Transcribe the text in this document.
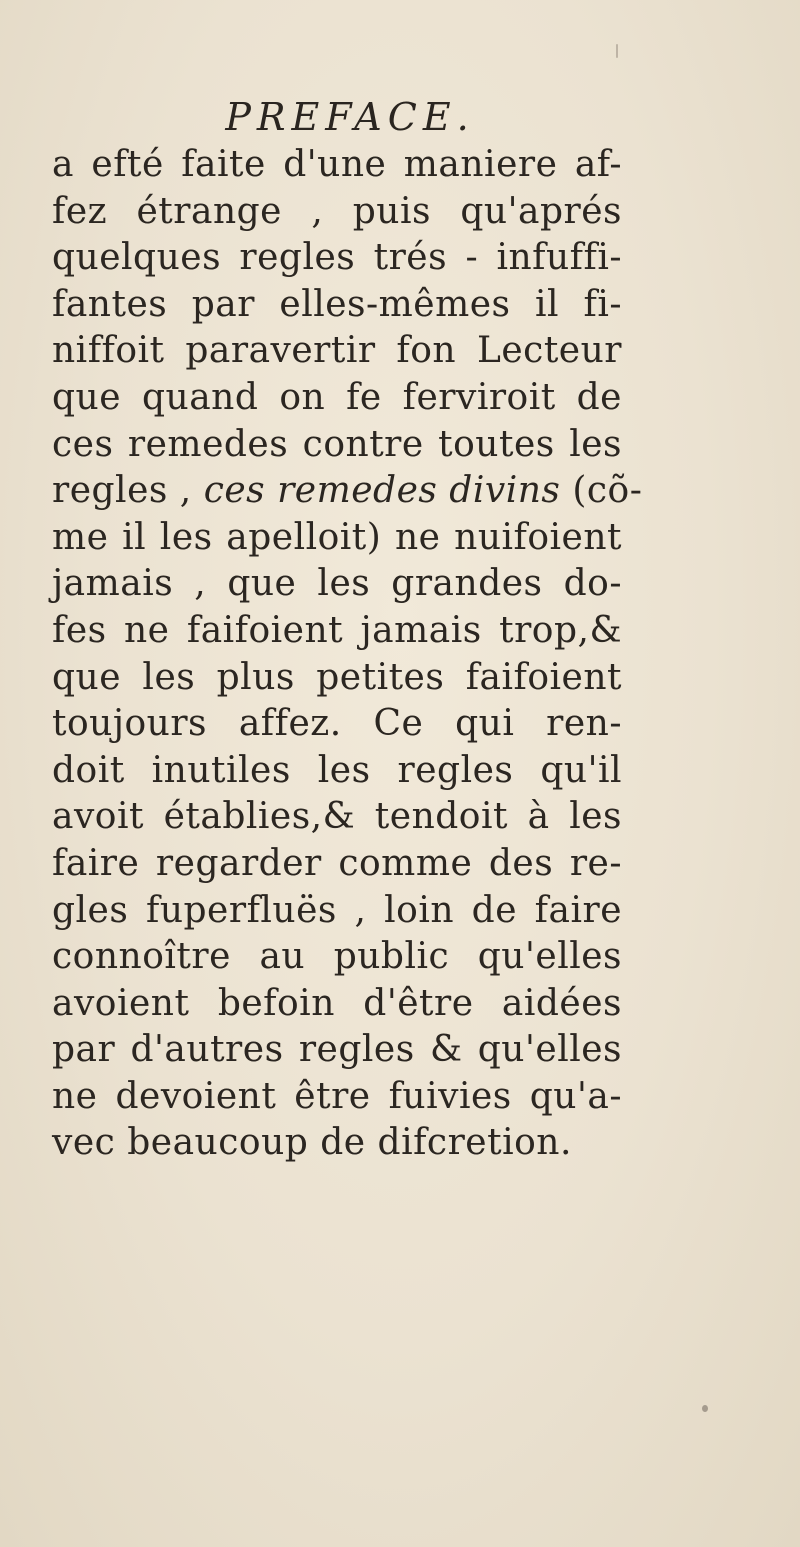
PREFACE.
a efté faite d'une maniere af-
fez étrange , puis qu'aprés
quelques regles trés - infuffi-
fantes par elles-mêmes il fi-
niffoit paravertir fon Lecteur
que quand on fe ferviroit de
ces remedes contre toutes les
regles , ces remedes divins (cõ-
me il les apelloit) ne nuifoient
jamais , que les grandes do-
fes ne faifoient jamais trop,&
que les plus petites faifoient
toujours affez. Ce qui ren-
doit inutiles les regles qu'il
avoit établies,& tendoit à les
faire regarder comme des re-
gles fuperfluës , loin de faire
connoître au public qu'elles
avoient befoin d'être aidées
par d'autres regles & qu'elles
ne devoient être fuivies qu'a-
vec beaucoup de difcretion.
